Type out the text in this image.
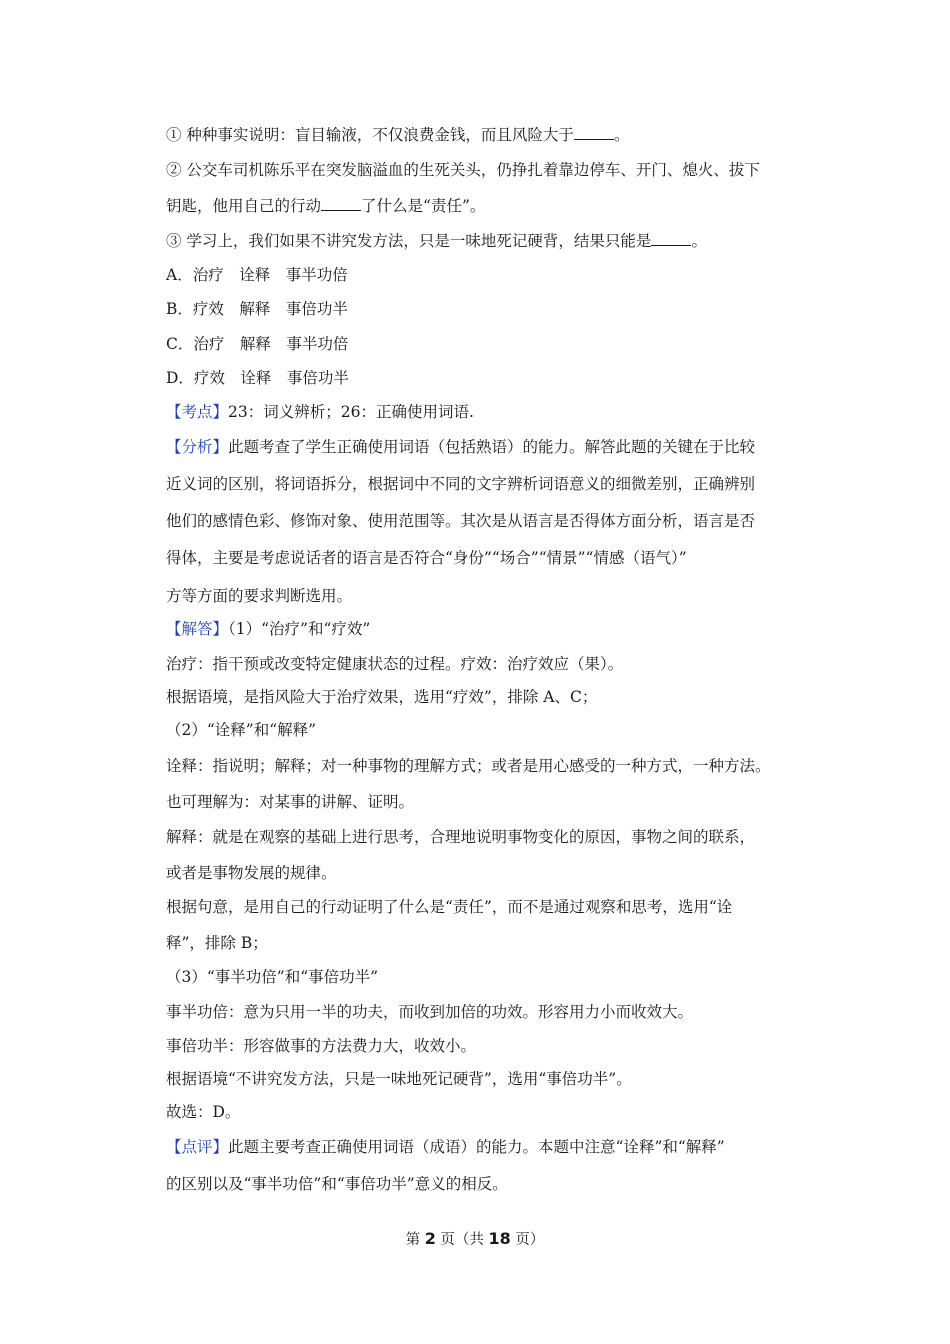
① 种种事实说明：盲目输液，不仅浪费金钱，而且风险大于	。
② 公交车司机陈乐平在突发脑溢血的生死关头，仍挣扎着靠边停车、开门、熄火、拔下
钥匙，他用自己的行动	了什么是“责任”。
③ 学习上，我们如果不讲究发方法，只是一味地死记硬背，结果只能是	。
A．治疗　诠释　事半功倍
B．疗效　解释　事倍功半
C．治疗　解释　事半功倍
D．疗效　诠释　事倍功半
【考点】23：词义辨析；26：正确使用词语.
【分析】此题考查了学生正确使用词语（包括熟语）的能力。解答此题的关键在于比较
近义词的区别，将词语拆分，根据词中不同的文字辨析词语意义的细微差别，正确辨别
他们的感情色彩、修饰对象、使用范围等。其次是从语言是否得体方面分析，语言是否
得体，主要是考虑说话者的语言是否符合“身份”“场合”“情景”“情感（语气）”
方等方面的要求判断选用。
【解答】（1）“治疗”和“疗效”
治疗：指干预或改变特定健康状态的过程。疗效：治疗效应（果）。
根据语境，是指风险大于治疗效果，选用“疗效”，排除 A、C；
（2）“诠释”和“解释”
诠释：指说明；解释；对一种事物的理解方式；或者是用心感受的一种方式，一种方法。
也可理解为：对某事的讲解、证明。
解释：就是在观察的基础上进行思考，合理地说明事物变化的原因，事物之间的联系，
或者是事物发展的规律。
根据句意，是用自己的行动证明了什么是“责任”，而不是通过观察和思考，选用“诠
释”，排除 B；
（3）“事半功倍”和“事倍功半”
事半功倍：意为只用一半的功夫，而收到加倍的功效。形容用力小而收效大。
事倍功半：形容做事的方法费力大，收效小。
根据语境“不讲究发方法，只是一味地死记硬背”，选用“事倍功半”。
故选：D。
【点评】此题主要考查正确使用词语（成语）的能力。本题中注意“诠释”和“解释”
的区别以及“事半功倍”和“事倍功半”意义的相反。
第 2 页（共 18 页）
